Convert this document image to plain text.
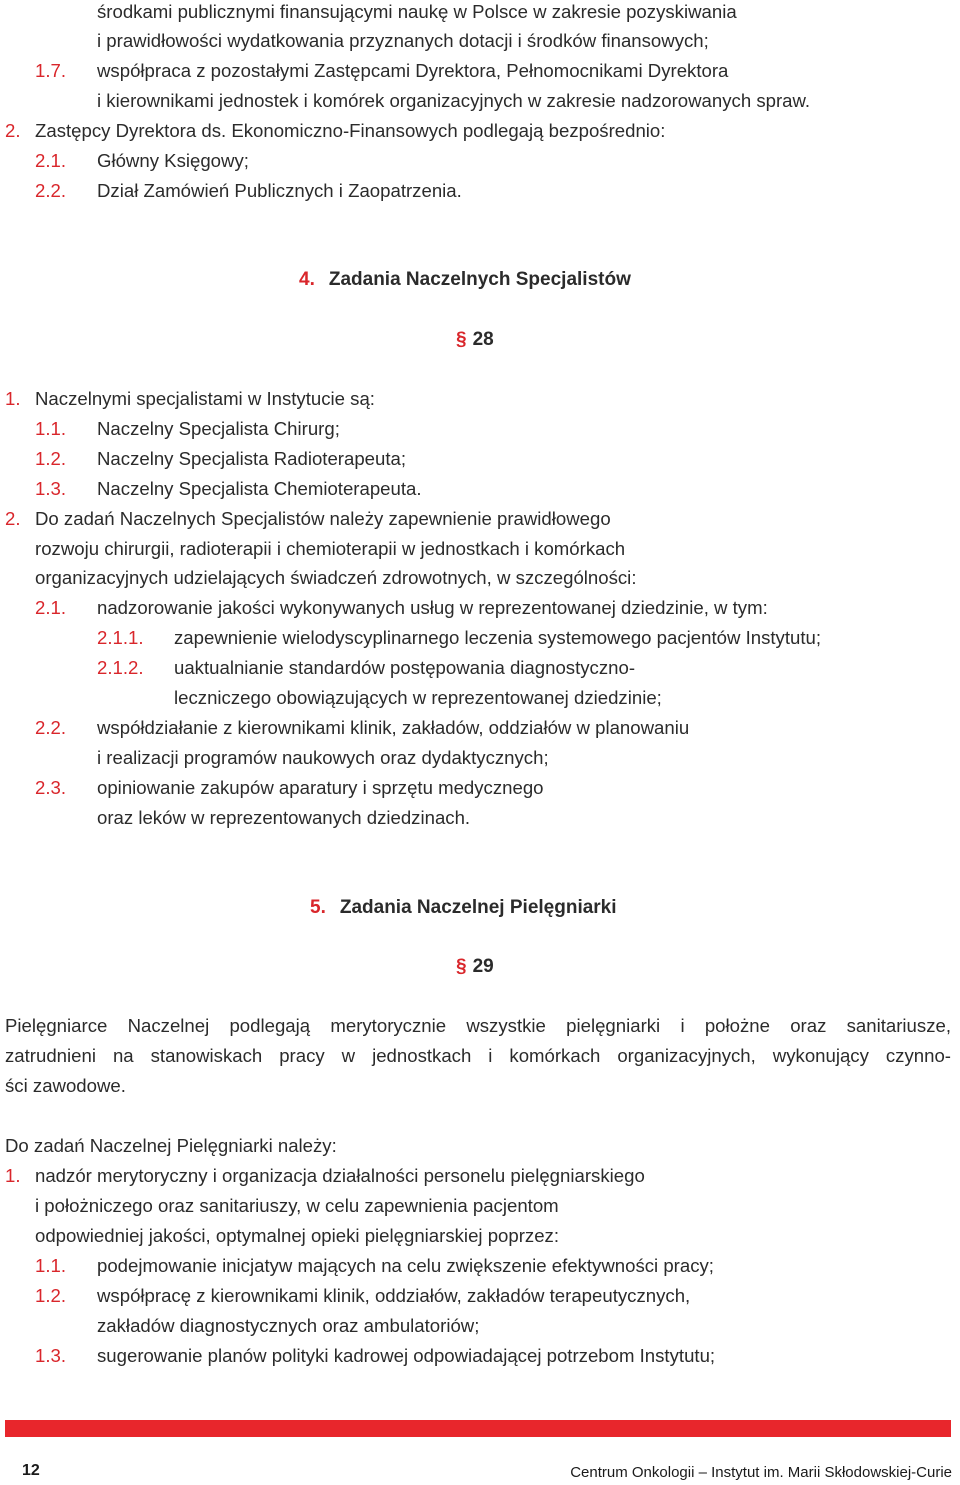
środkami publicznymi finansującymi naukę w Polsce w zakresie pozyskiwania
i prawidłowości wydatkowania przyznanych dotacji i środków finansowych;
1.7. współpraca z pozostałymi Zastępcami Dyrektora, Pełnomocnikami Dyrektora
i kierownikami jednostek i komórek organizacyjnych w zakresie nadzorowanych spraw.
2. Zastępcy Dyrektora ds. Ekonomiczno-Finansowych podlegają bezpośrednio:
2.1. Główny Księgowy;
2.2. Dział Zamówień Publicznych i Zaopatrzenia.
4. Zadania Naczelnych Specjalistów
§ 28
1. Naczelnymi specjalistami w Instytucie są:
1.1. Naczelny Specjalista Chirurg;
1.2. Naczelny Specjalista Radioterapeuta;
1.3. Naczelny Specjalista Chemioterapeuta.
2. Do zadań Naczelnych Specjalistów należy zapewnienie prawidłowego
rozwoju chirurgii, radioterapii i chemioterapii w jednostkach i komórkach
organizacyjnych udzielających świadczeń zdrowotnych, w szczególności:
2.1. nadzorowanie jakości wykonywanych usług w reprezentowanej dziedzinie, w tym:
2.1.1. zapewnienie wielodyscyplinarnego leczenia systemowego pacjentów Instytutu;
2.1.2. uaktualnianie standardów postępowania diagnostyczno-
leczniczego obowiązujących w reprezentowanej dziedzinie;
2.2. współdziałanie z kierownikami klinik, zakładów, oddziałów w planowaniu
i realizacji programów naukowych oraz dydaktycznych;
2.3. opiniowanie zakupów aparatury i sprzętu medycznego
oraz leków w reprezentowanych dziedzinach.
5. Zadania Naczelnej Pielęgniarki
§ 29
Pielęgniarce Naczelnej podlegają merytorycznie wszystkie pielęgniarki i położne oraz sanitariusze,
zatrudnieni na stanowiskach pracy w jednostkach i komórkach organizacyjnych, wykonujący czynno-
ści zawodowe.
Do zadań Naczelnej Pielęgniarki należy:
1. nadzór merytoryczny i organizacja działalności personelu pielęgniarskiego
i położniczego oraz sanitariuszy, w celu zapewnienia pacjentom
odpowiedniej jakości, optymalnej opieki pielęgniarskiej poprzez:
1.1. podejmowanie inicjatyw mających na celu zwiększenie efektywności pracy;
1.2. współpracę z kierownikami klinik, oddziałów, zakładów terapeutycznych,
zakładów diagnostycznych oraz ambulatoriów;
1.3. sugerowanie planów polityki kadrowej odpowiadającej potrzebom Instytutu;
12	Centrum Onkologii – Instytut im. Marii Skłodowskiej-Curie
